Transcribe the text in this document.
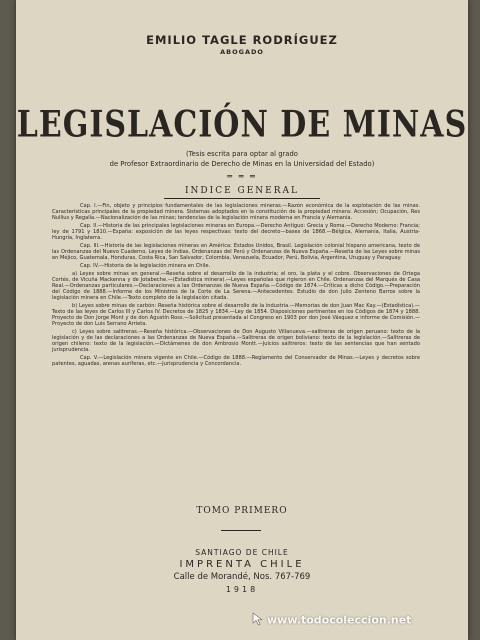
EMILIO TAGLE RODRÍGUEZ
ABOGADO
LEGISLACIÓN DE MINAS
(Tesis escrita para optar al grado
de Profesor Extraordinario de Derecho de Minas en la Universidad del Estado)
═ ═ ═
INDICE GENERAL

Cap. I.—Fin, objeto y principios fundamentales de las legislaciones mineras.—Razón económica de la explotación de las minas. Características principales de la propiedad minera. Sistemas adoptados en la constitución de la propiedad minera: Accesión; Ocupación, Res Nullius y Regalía.—Nacionalización de las minas; tendencias de la legislación minera moderna en Francia y Alemania.

Cap. II.—Historia de las principales legislaciones mineras en Europa.—Derecho Antiguo: Grecia y Roma.—Derecho Moderno: Francia; ley de 1791 y 1810.—España: exposición de las leyes respectivas: texto del decreto—bases de 1868.—Bélgica, Alemania, Italia, Austria-Hungría, Inglaterra.

Cap. III.—Historia de las legislaciones mineras en América: Estados Unidos, Brasil. Legislación colonial hispano americana, texto de las Ordenanzas del Nuevo Cuaderno, Leyes de Indias, Ordenanzas del Perú y Ordenanzas de Nueva España.—Reseña de las Leyes sobre minas en Méjico, Guatemala, Honduras, Costa Rica, San Salvador, Colombia, Venezuela, Ecuador, Perú, Bolivia, Argentina, Uruguay y Paraguay.

Cap. IV.—Historia de la legislación minera en Chile.

a) Leyes sobre minas en general.—Reseña sobre el desarrollo de la industria; el oro, la plata y el cobre. Observaciones de Ortega Cortés, de Vicuña Mackenna y de Jotabeche.—(Estadística minera).—Leyes españolas que rigieron en Chile. Ordenanzas del Marqués de Casa Real.—Ordenanzas particulares.—Declaraciones a las Ordenanzas de Nueva España.—Código de 1874.—Críticas a dicho Código.—Preparación del Código de 1888.—Informe de los Ministros de la Corte de La Serena.—Antecedentes. Estudio de don Julio Zenteno Barros sobre la legislación minera en Chile.—Texto completo de la legislación citada.

b) Leyes sobre minas de carbón: Reseña histórica sobre el desarrollo de la industria.—Memorias de don Juan Mac Kay.—(Estadística).—Texto de las leyes de Carlos III y Carlos IV. Decretos de 1825 y 1834.—Ley de 1854. Disposiciones pertinentes en los Códigos de 1874 y 1888. Proyecto de Don Jorge Mont y de don Agustín Ross.—Solicitud presentada al Congreso en 1903 por don José Vásquez e informe de Comisión.—Proyecto de don Luis Serrano Arrieta.

c) Leyes sobre salitreras.—Reseña histórica.—Observaciones de Don Augusto Villanueva.—salitreras de origen peruano: texto de la legislación y de las declaraciones a las Ordenanzas de Nueva España.—Salitreras de origen boliviano: texto de la legislación.—Salitreras de origen chileno: texto de la legislación.—Dictámenes de don Ambrosio Montt.—Juicios salitreros: texto de las sentencias que han sentado jurisprudencia.

Cap. V.—Legislación minera vigente en Chile.—Código de 1888.—Reglamento del Conservador de Minas.—Leyes y decretos sobre patentes, aguadas, arenas auríferas, etc.—Jurisprudencia y Concordancia.

TOMO PRIMERO
SANTIAGO DE CHILE
IMPRENTA CHILE
Calle de Morandé, Nos. 767-769
1918
www.todocoleccion.net
